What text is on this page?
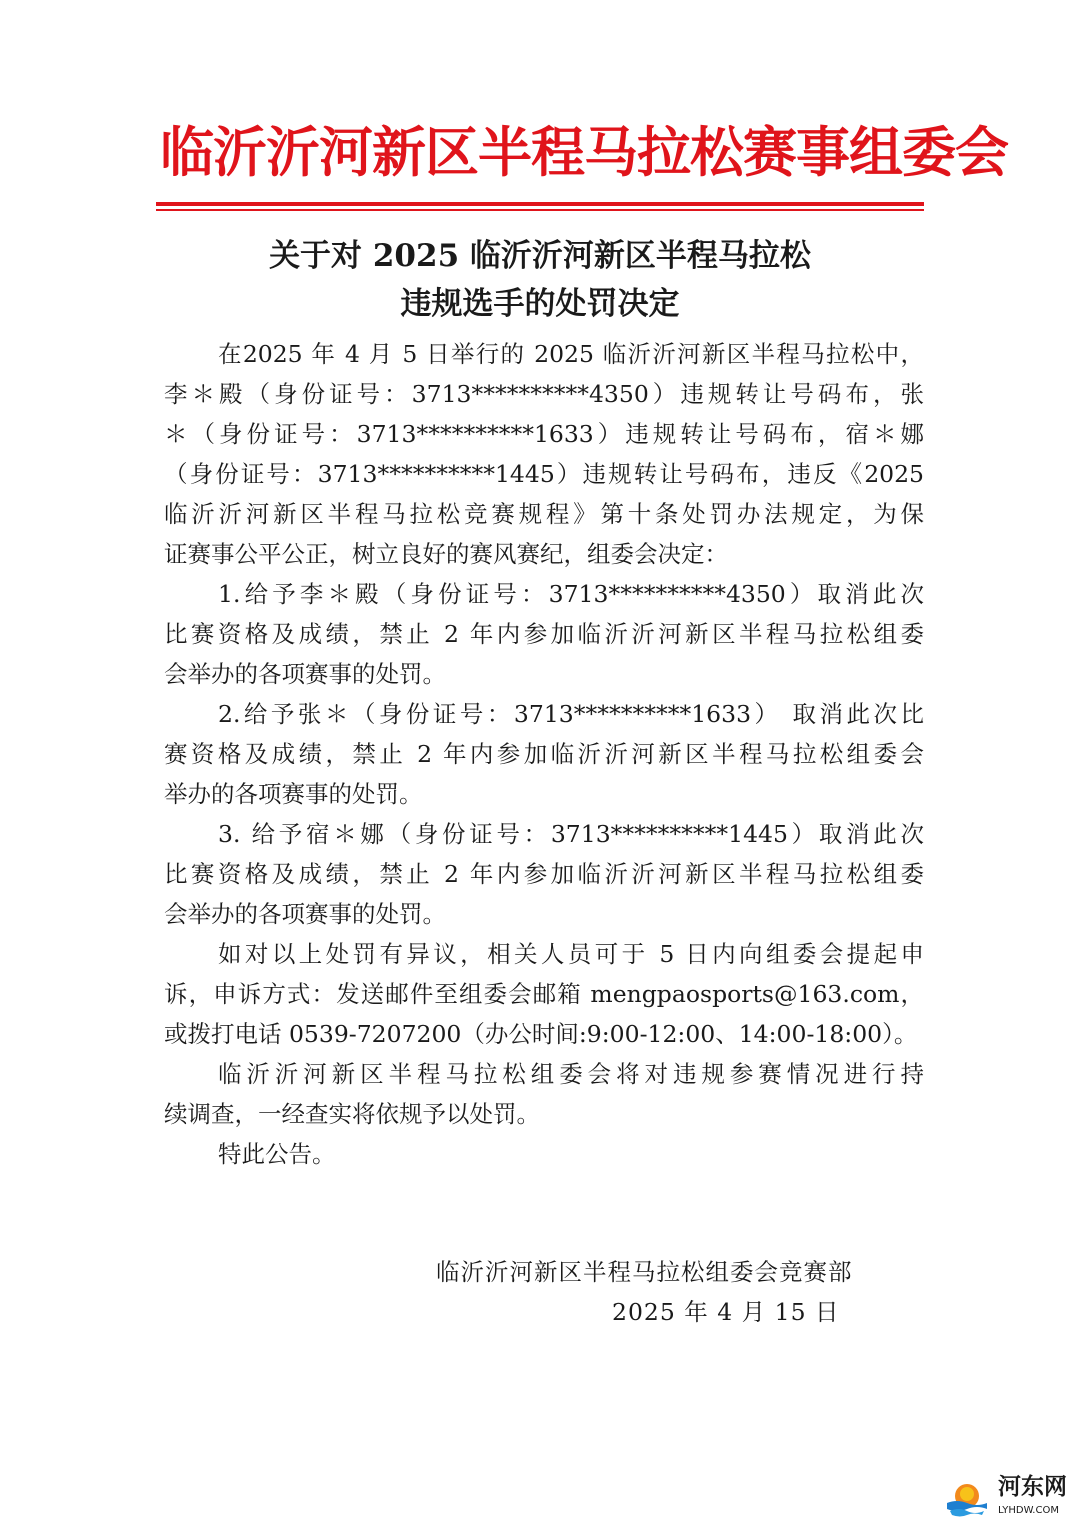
临沂沂河新区半程马拉松赛事组委会
关于对 2025 临沂沂河新区半程马拉松
违规选手的处罚决定
在2025 年 4 月 5 日举行的 2025 临沂沂河新区半程马拉松中，
李＊殿（身份证号：3713**********4350）违规转让号码布，张
＊（身份证号：3713**********1633）违规转让号码布，宿＊娜
（身份证号：3713**********1445）违规转让号码布，违反《2025
临沂沂河新区半程马拉松竞赛规程》第十条处罚办法规定，为保
证赛事公平公正，树立良好的赛风赛纪，组委会决定：
1.给予李＊殿（身份证号：3713**********4350）取消此次
比赛资格及成绩，禁止 2 年内参加临沂沂河新区半程马拉松组委
会举办的各项赛事的处罚。
2.给予张＊（身份证号：3713**********1633） 取消此次比
赛资格及成绩，禁止 2 年内参加临沂沂河新区半程马拉松组委会
举办的各项赛事的处罚。
3. 给予宿＊娜（身份证号：3713**********1445）取消此次
比赛资格及成绩，禁止 2 年内参加临沂沂河新区半程马拉松组委
会举办的各项赛事的处罚。
如对以上处罚有异议，相关人员可于 5 日内向组委会提起申
诉，申诉方式：发送邮件至组委会邮箱 mengpaosports@163.com，
或拨打电话 0539-7207200（办公时间:9:00-12:00、14:00-18:00）。
临沂沂河新区半程马拉松组委会将对违规参赛情况进行持
续调查，一经查实将依规予以处罚。
特此公告。
临沂沂河新区半程马拉松组委会竞赛部
2025 年 4 月 15 日
河东网
LYHDW.COM
